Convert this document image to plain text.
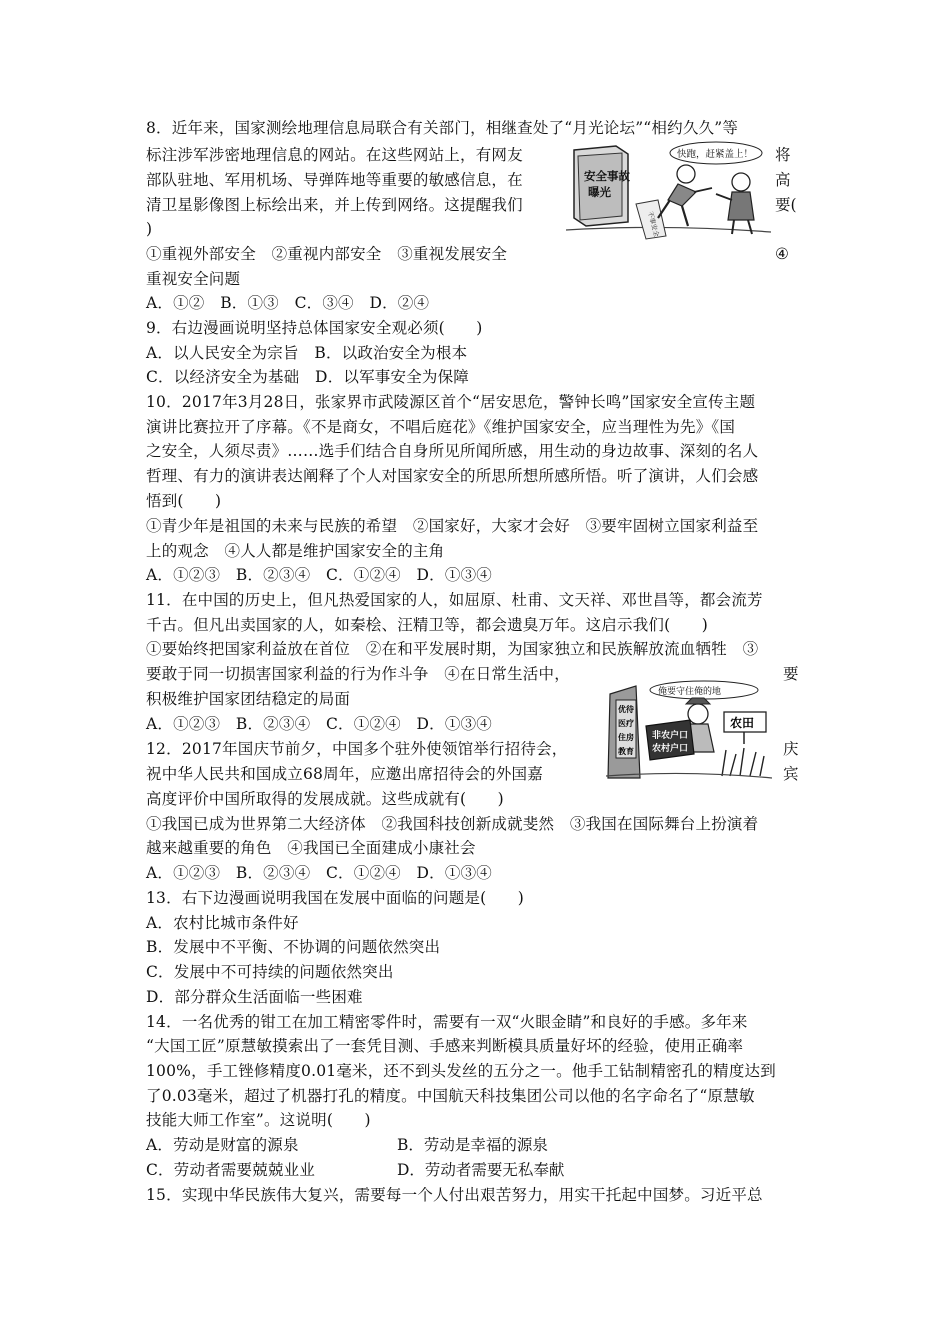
8．近年来，国家测绘地理信息局联合有关部门，相继查处了“月光论坛”“相约久久”等
标注涉军涉密地理信息的网站。在这些网站上，有网友	将
部队驻地、军用机场、导弹阵地等重要的敏感信息，在	高
清卫星影像图上标绘出来，并上传到网络。这提醒我们	要(
)
①重视外部安全　②重视内部安全　③重视发展安全	④
重视安全问题
A．①②　B．①③　C．③④　D．②④
安全事故
曝光
不事安全
快跑，赶紧盖上！
9．右边漫画说明坚持总体国家安全观必须(　　)
A．以人民安全为宗旨　B．以政治安全为根本
C．以经济安全为基础　D．以军事安全为保障
10．2017年3月28日，张家界市武陵源区首个“居安思危，警钟长鸣”国家安全宣传主题
演讲比赛拉开了序幕。《不是商女，不唱后庭花》《维护国家安全，应当理性为先》《国
之安全，人须尽责》……选手们结合自身所见所闻所感，用生动的身边故事、深刻的名人
哲理、有力的演讲表达阐释了个人对国家安全的所思所想所感所悟。听了演讲，人们会感
悟到(　　)
①青少年是祖国的未来与民族的希望　②国家好，大家才会好　③要牢固树立国家利益至
上的观念　④人人都是维护国家安全的主角
A．①②③　B．②③④　C．①②④　D．①③④
11．在中国的历史上，但凡热爱国家的人，如屈原、杜甫、文天祥、邓世昌等，都会流芳
千古。但凡出卖国家的人，如秦桧、汪精卫等，都会遗臭万年。这启示我们(　　)
①要始终把国家利益放在首位　②在和平发展时期，为国家独立和民族解放流血牺牲　③
要敢于同一切损害国家利益的行为作斗争　④在日常生活中，	要
积极维护国家团结稳定的局面
A．①②③　B．②③④　C．①②④　D．①③④
优待
医疗
住房
教育
俺要守住俺的地
非农户口
农村户口
农田
12．2017年国庆节前夕，中国多个驻外使领馆举行招待会，	庆
祝中华人民共和国成立68周年，应邀出席招待会的外国嘉	宾
高度评价中国所取得的发展成就。这些成就有(　　)
①我国已成为世界第二大经济体　②我国科技创新成就斐然　③我国在国际舞台上扮演着
越来越重要的角色　④我国已全面建成小康社会
A．①②③　B．②③④　C．①②④　D．①③④
13．右下边漫画说明我国在发展中面临的问题是(　　)
A．农村比城市条件好
B．发展中不平衡、不协调的问题依然突出
C．发展中不可持续的问题依然突出
D．部分群众生活面临一些困难
14．一名优秀的钳工在加工精密零件时，需要有一双“火眼金睛”和良好的手感。多年来
“大国工匠”原慧敏摸索出了一套凭目测、手感来判断模具质量好坏的经验，使用正确率
100%，手工锉修精度0.01毫米，还不到头发丝的五分之一。他手工钻制精密孔的精度达到
了0.03毫米，超过了机器打孔的精度。中国航天科技集团公司以他的名字命名了“原慧敏
技能大师工作室”。这说明(　　)
A．劳动是财富的源泉	B．劳动是幸福的源泉
C．劳动者需要兢兢业业	D．劳动者需要无私奉献
15．实现中华民族伟大复兴，需要每一个人付出艰苦努力，用实干托起中国梦。习近平总
